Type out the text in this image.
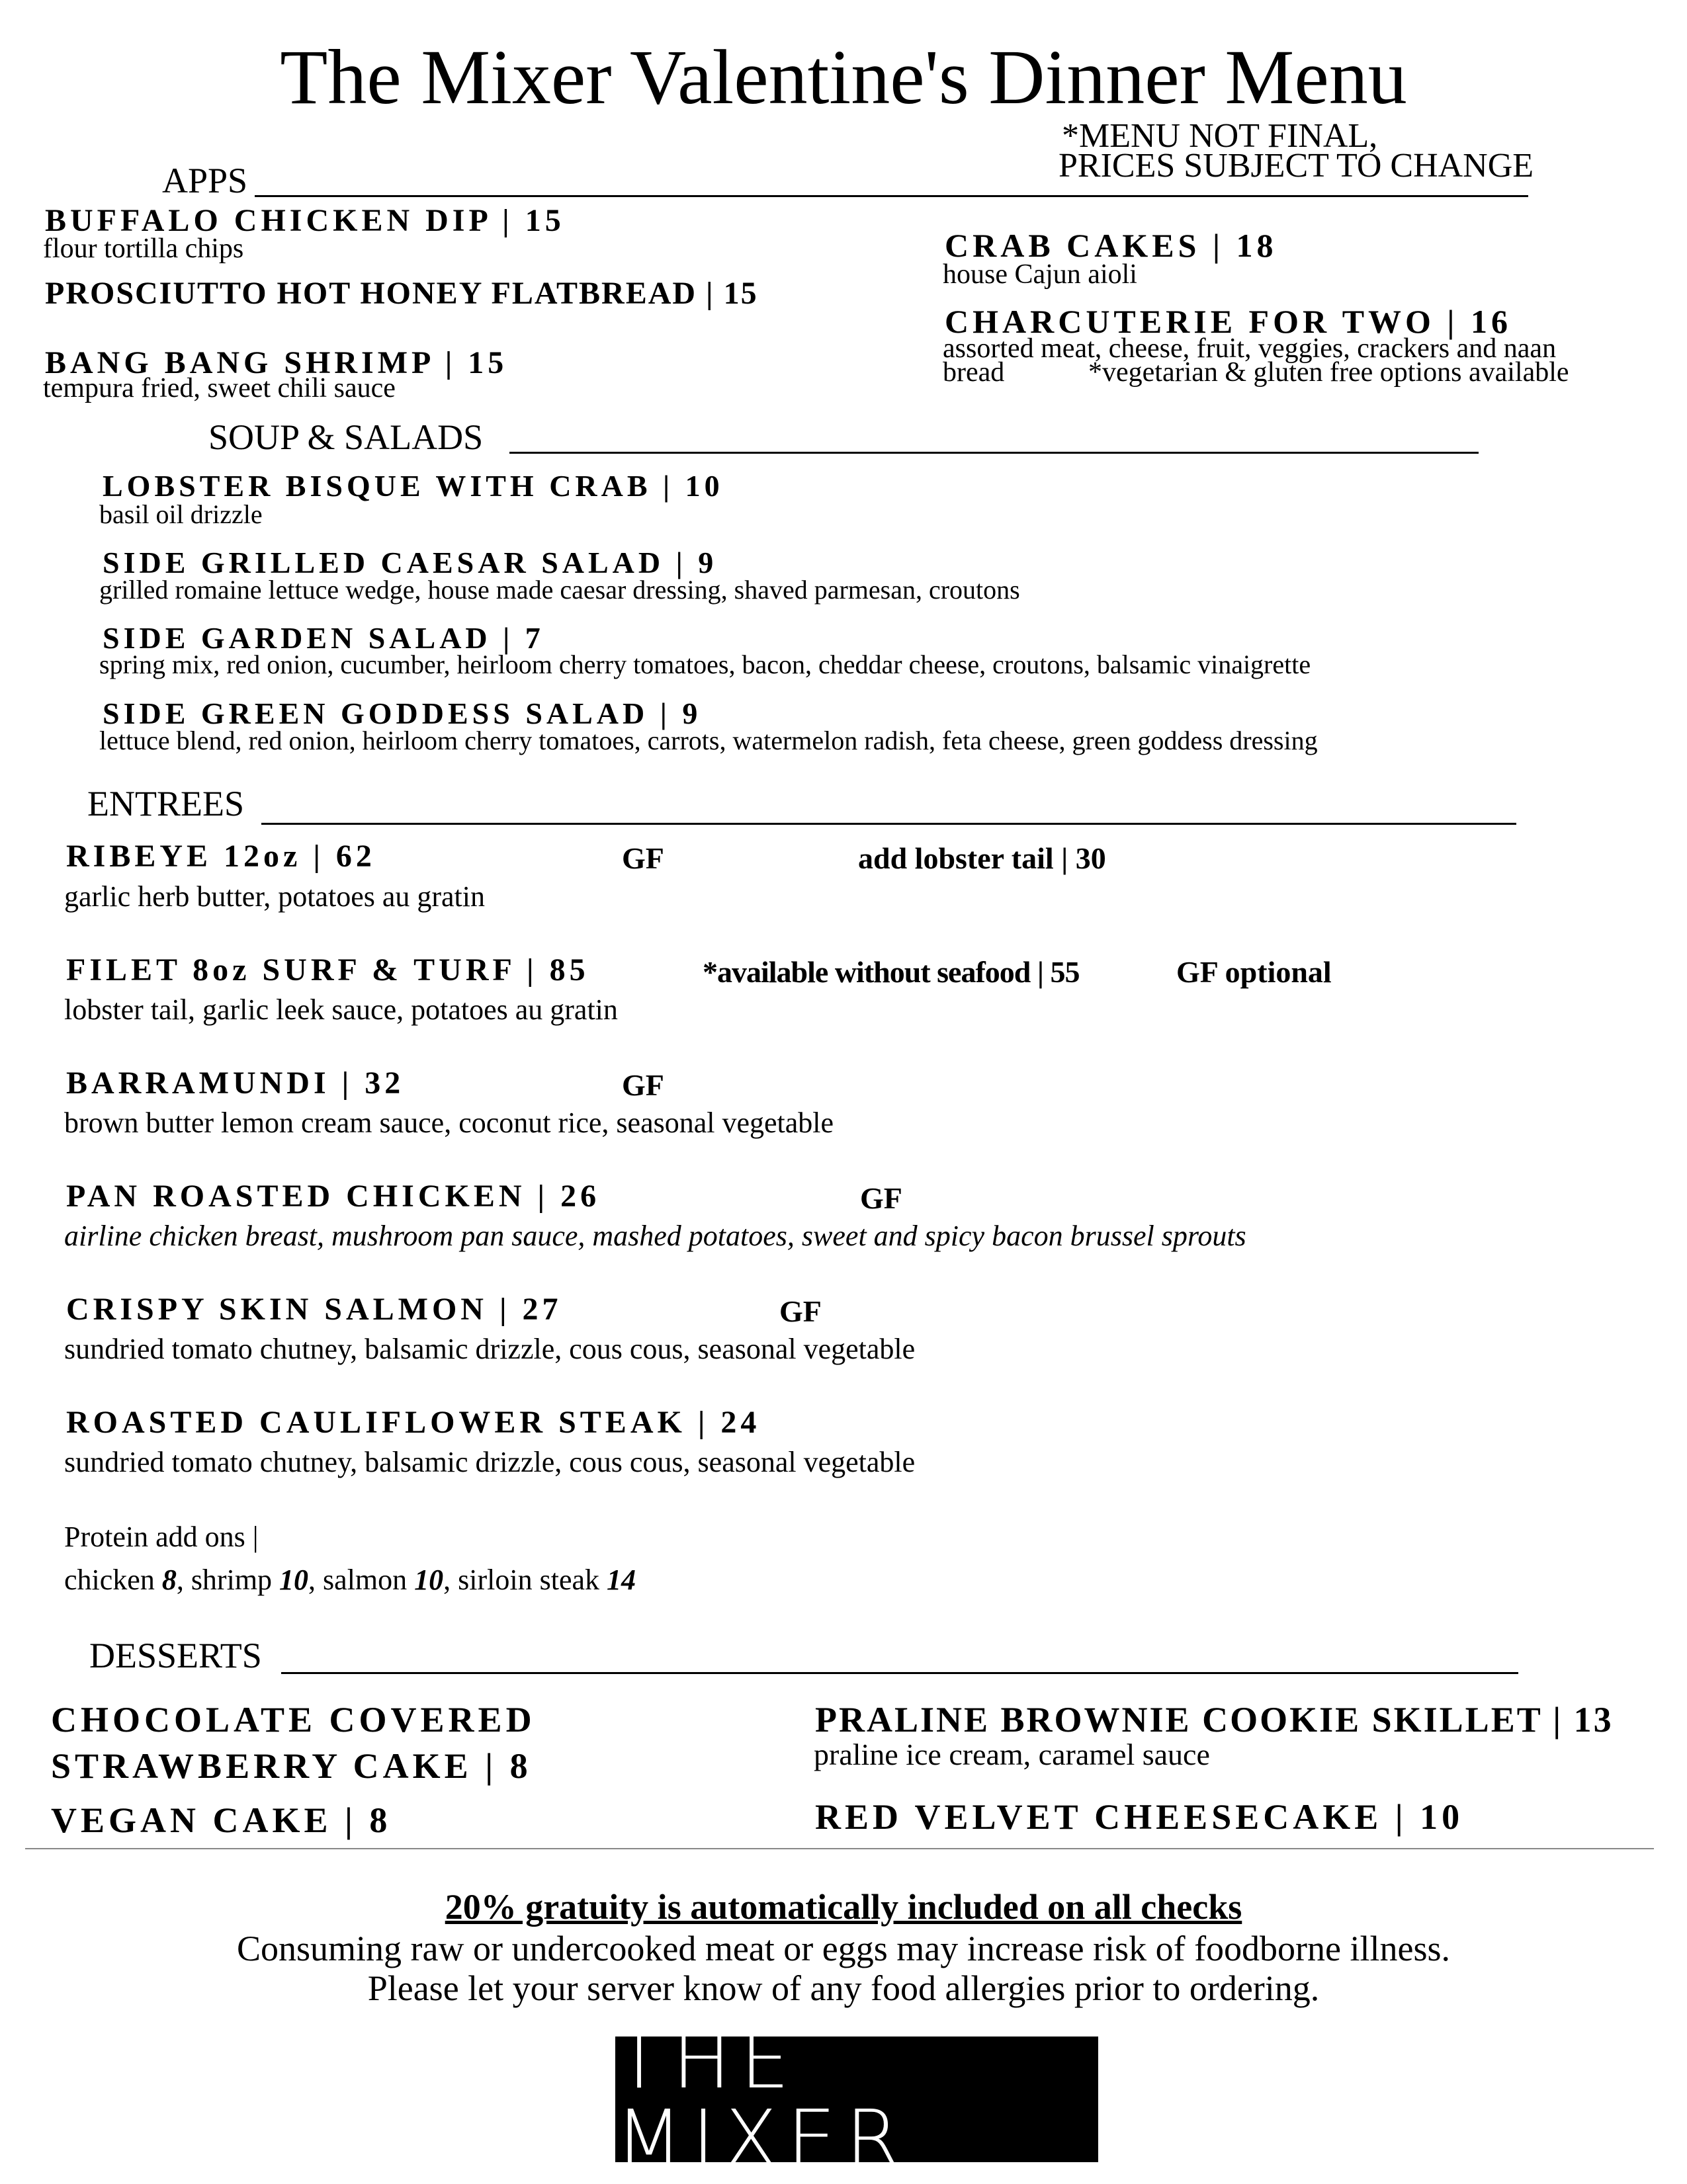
The Mixer Valentine's Dinner Menu
*MENU NOT FINAL,
PRICES SUBJECT TO CHANGE
APPS
BUFFALO CHICKEN DIP | 15
flour tortilla chips
PROSCIUTTO HOT HONEY FLATBREAD | 15
BANG BANG SHRIMP | 15
tempura fried, sweet chili sauce
CRAB CAKES | 18
house Cajun aioli
CHARCUTERIE FOR TWO | 16
assorted meat, cheese, fruit, veggies, crackers and naan
bread	*vegetarian & gluten free options available
SOUP & SALADS
LOBSTER BISQUE WITH CRAB | 10
basil oil drizzle
SIDE GRILLED CAESAR SALAD | 9
grilled romaine lettuce wedge, house made caesar dressing, shaved parmesan, croutons
SIDE GARDEN SALAD | 7
spring mix, red onion, cucumber, heirloom cherry tomatoes, bacon, cheddar cheese, croutons, balsamic vinaigrette
SIDE GREEN GODDESS SALAD | 9
lettuce blend, red onion, heirloom cherry tomatoes, carrots, watermelon radish, feta cheese, green goddess dressing
ENTREES
RIBEYE 12oz | 62	GF	add lobster tail | 30
garlic herb butter, potatoes au gratin
FILET 8oz SURF & TURF | 85	*available without seafood | 55	GF optional
lobster tail, garlic leek sauce, potatoes au gratin
BARRAMUNDI | 32	GF
brown butter lemon cream sauce, coconut rice, seasonal vegetable
PAN ROASTED CHICKEN | 26	GF
airline chicken breast, mushroom pan sauce, mashed potatoes, sweet and spicy bacon brussel sprouts
CRISPY SKIN SALMON | 27	GF
sundried tomato chutney, balsamic drizzle, cous cous, seasonal vegetable
ROASTED CAULIFLOWER STEAK | 24
sundried tomato chutney, balsamic drizzle, cous cous, seasonal vegetable
Protein add ons |
chicken 8, shrimp 10, salmon 10, sirloin steak 14
DESSERTS
CHOCOLATE COVERED
STRAWBERRY CAKE | 8
VEGAN CAKE | 8
PRALINE BROWNIE COOKIE SKILLET | 13
praline ice cream, caramel sauce
RED VELVET CHEESECAKE | 10
20% gratuity is automatically included on all checks
Consuming raw or undercooked meat or eggs may increase risk of foodborne illness.
Please let your server know of any food allergies prior to ordering.
THE MIXER
